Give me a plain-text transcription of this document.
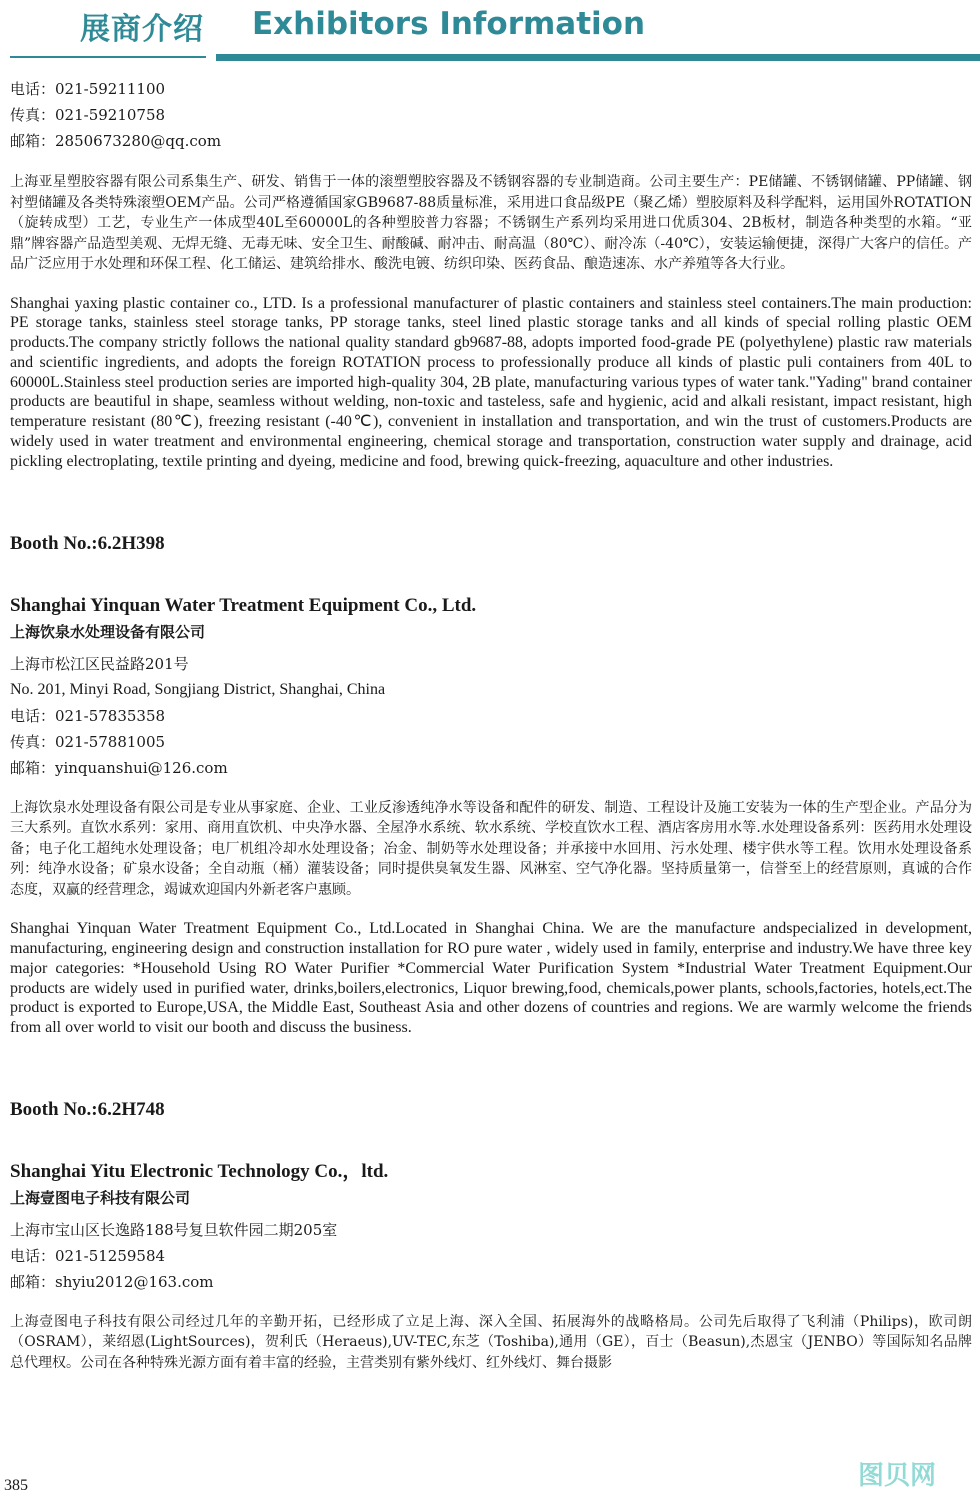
展商介绍 Exhibitors Information
电话：021-59211100
传真：021-59210758
邮箱：2850673280@qq.com
上海亚星塑胶容器有限公司系集生产、研发、销售于一体的滚塑塑胶容器及不锈钢容器的专业制造商。公司主要生产：PE储罐、不锈钢储罐、PP储罐、钢衬塑储罐及各类特殊滚塑OEM产品。公司严格遵循国家GB9687-88质量标准，采用进口食品级PE（聚乙烯）塑胶原料及科学配料，运用国外ROTATION（旋转成型）工艺，专业生产一体成型40L至60000L的各种塑胶普力容器；不锈钢生产系列均采用进口优质304、2B板材，制造各种类型的水箱。“亚鼎”牌容器产品造型美观、无焊无缝、无毒无味、安全卫生、耐酸碱、耐冲击、耐高温（80℃）、耐冷冻（-40℃），安装运输便捷，深得广大客户的信任。产品广泛应用于水处理和环保工程、化工储运、建筑给排水、酸洗电镀、纺织印染、医药食品、酿造速冻、水产养殖等各大行业。
Shanghai yaxing plastic container co., LTD. Is a professional manufacturer of plastic containers and stainless steel containers.The main production: PE storage tanks, stainless steel storage tanks, PP storage tanks, steel lined plastic storage tanks and all kinds of special rolling plastic OEM products.The company strictly follows the national quality standard gb9687-88, adopts imported food-grade PE (polyethylene) plastic raw materials and scientific ingredients, and adopts the foreign ROTATION process to professionally produce all kinds of plastic puli containers from 40L to 60000L.Stainless steel production series are imported high-quality 304, 2B plate, manufacturing various types of water tank."Yading" brand container products are beautiful in shape, seamless without welding, non-toxic and tasteless, safe and hygienic, acid and alkali resistant, impact resistant, high temperature resistant (80℃), freezing resistant (-40℃), convenient in installation and transportation, and win the trust of customers.Products are widely used in water treatment and environmental engineering, chemical storage and transportation, construction water supply and drainage, acid pickling electroplating, textile printing and dyeing, medicine and food, brewing quick-freezing, aquaculture and other industries.
Booth No.:6.2H398
Shanghai Yinquan Water Treatment Equipment Co., Ltd.
上海饮泉水处理设备有限公司
上海市松江区民益路201号
No. 201, Minyi Road, Songjiang District, Shanghai, China
电话：021-57835358
传真：021-57881005
邮箱：yinquanshui@126.com
上海饮泉水处理设备有限公司是专业从事家庭、企业、工业反渗透纯净水等设备和配件的研发、制造、工程设计及施工安装为一体的生产型企业。产品分为三大系列。直饮水系列：家用、商用直饮机、中央净水器、全屋净水系统、软水系统、学校直饮水工程、酒店客房用水等.水处理设备系列：医药用水处理设备；电子化工超纯水处理设备；电厂机组冷却水处理设备；冶金、制奶等水处理设备；并承接中水回用、污水处理、楼宇供水等工程。饮用水处理设备系列：纯净水设备；矿泉水设备；全自动瓶（桶）灌装设备；同时提供臭氧发生器、风淋室、空气净化器。坚持质量第一，信誉至上的经营原则，真诚的合作态度，双赢的经营理念，竭诚欢迎国内外新老客户惠顾。
Shanghai Yinquan Water Treatment Equipment Co., Ltd.Located in Shanghai China. We are the manufacture andspecialized in development, manufacturing, engineering design and construction installation for RO pure water , widely used in family, enterprise and industry.We have three key major categories: *Household Using RO Water Purifier *Commercial Water Purification System *Industrial Water Treatment Equipment.Our products are widely used in purified water, drinks,boilers,electronics, Liquor brewing,food, chemicals,power plants, schools,factories, hotels,ect.The product is exported to Europe,USA, the Middle East, Southeast Asia and other dozens of countries and regions. We are warmly welcome the friends from all over world to visit our booth and discuss the business.
Booth No.:6.2H748
Shanghai Yitu Electronic Technology Co.，ltd.
上海壹图电子科技有限公司
上海市宝山区长逸路188号复旦软件园二期205室
电话：021-51259584
邮箱：shyiu2012@163.com
上海壹图电子科技有限公司经过几年的辛勤开拓，已经形成了立足上海、深入全国、拓展海外的战略格局。公司先后取得了飞利浦（Philips)，欧司朗（OSRAM），莱绍恩(LightSources)，贺利氏（Heraeus),UV-TEC,东芝（Toshiba),通用（GE），百士（Beasun),杰恩宝（JENBO）等国际知名品牌总代理权。公司在各种特殊光源方面有着丰富的经验，主营类别有紫外线灯、红外线灯、舞台摄影
385	图贝网
